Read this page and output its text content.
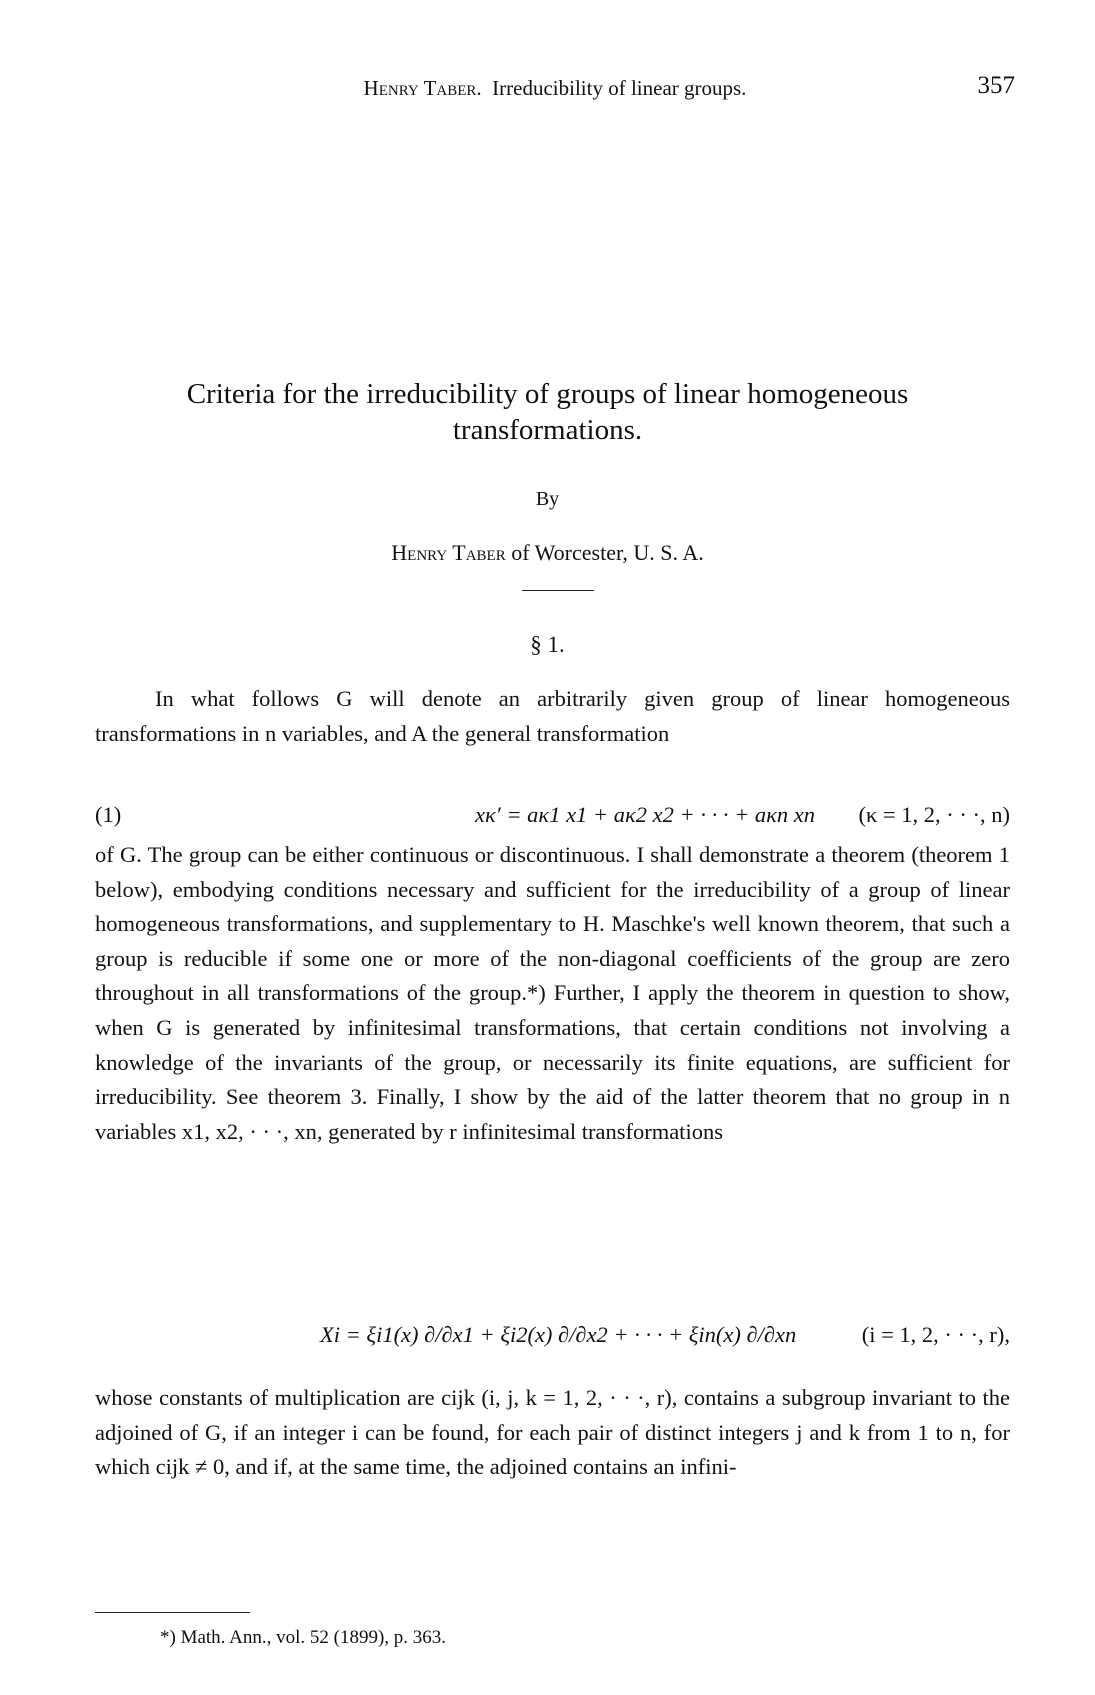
Henry Taber. Irreducibility of linear groups.	357
Criteria for the irreducibility of groups of linear homogeneous
transformations.
By
Henry Taber of Worcester, U. S. A.
§ 1.
In what follows G will denote an arbitrarily given group of linear homogeneous transformations in n variables, and A the general transformation
(1)	xκ′ = aκ1 x1 + aκ2 x2 + · · · + aκn xn (κ = 1, 2, · · ·, n)
of G. The group can be either continuous or discontinuous. I shall demonstrate a theorem (theorem 1 below), embodying conditions necessary and sufficient for the irreducibility of a group of linear homogeneous transformations, and supplementary to H. Maschke's well known theorem, that such a group is reducible if some one or more of the non-diagonal coefficients of the group are zero throughout in all transformations of the group.*) Further, I apply the theorem in question to show, when G is generated by infinitesimal transformations, that certain conditions not involving a knowledge of the invariants of the group, or necessarily its finite equations, are sufficient for irreducibility. See theorem 3. Finally, I show by the aid of the latter theorem that no group in n variables x1, x2, · · ·, xn, generated by r infinitesimal transformations
Xi = ξi1(x) ∂/∂x1 + ξi2(x) ∂/∂x2 + · · · + ξin(x) ∂/∂xn	(i = 1, 2, · · ·, r),
whose constants of multiplication are cijk (i, j, k = 1, 2, · · ·, r), contains a subgroup invariant to the adjoined of G, if an integer i can be found, for each pair of distinct integers j and k from 1 to n, for which cijk ≠ 0, and if, at the same time, the adjoined contains an infini-
*) Math. Ann., vol. 52 (1899), p. 363.
